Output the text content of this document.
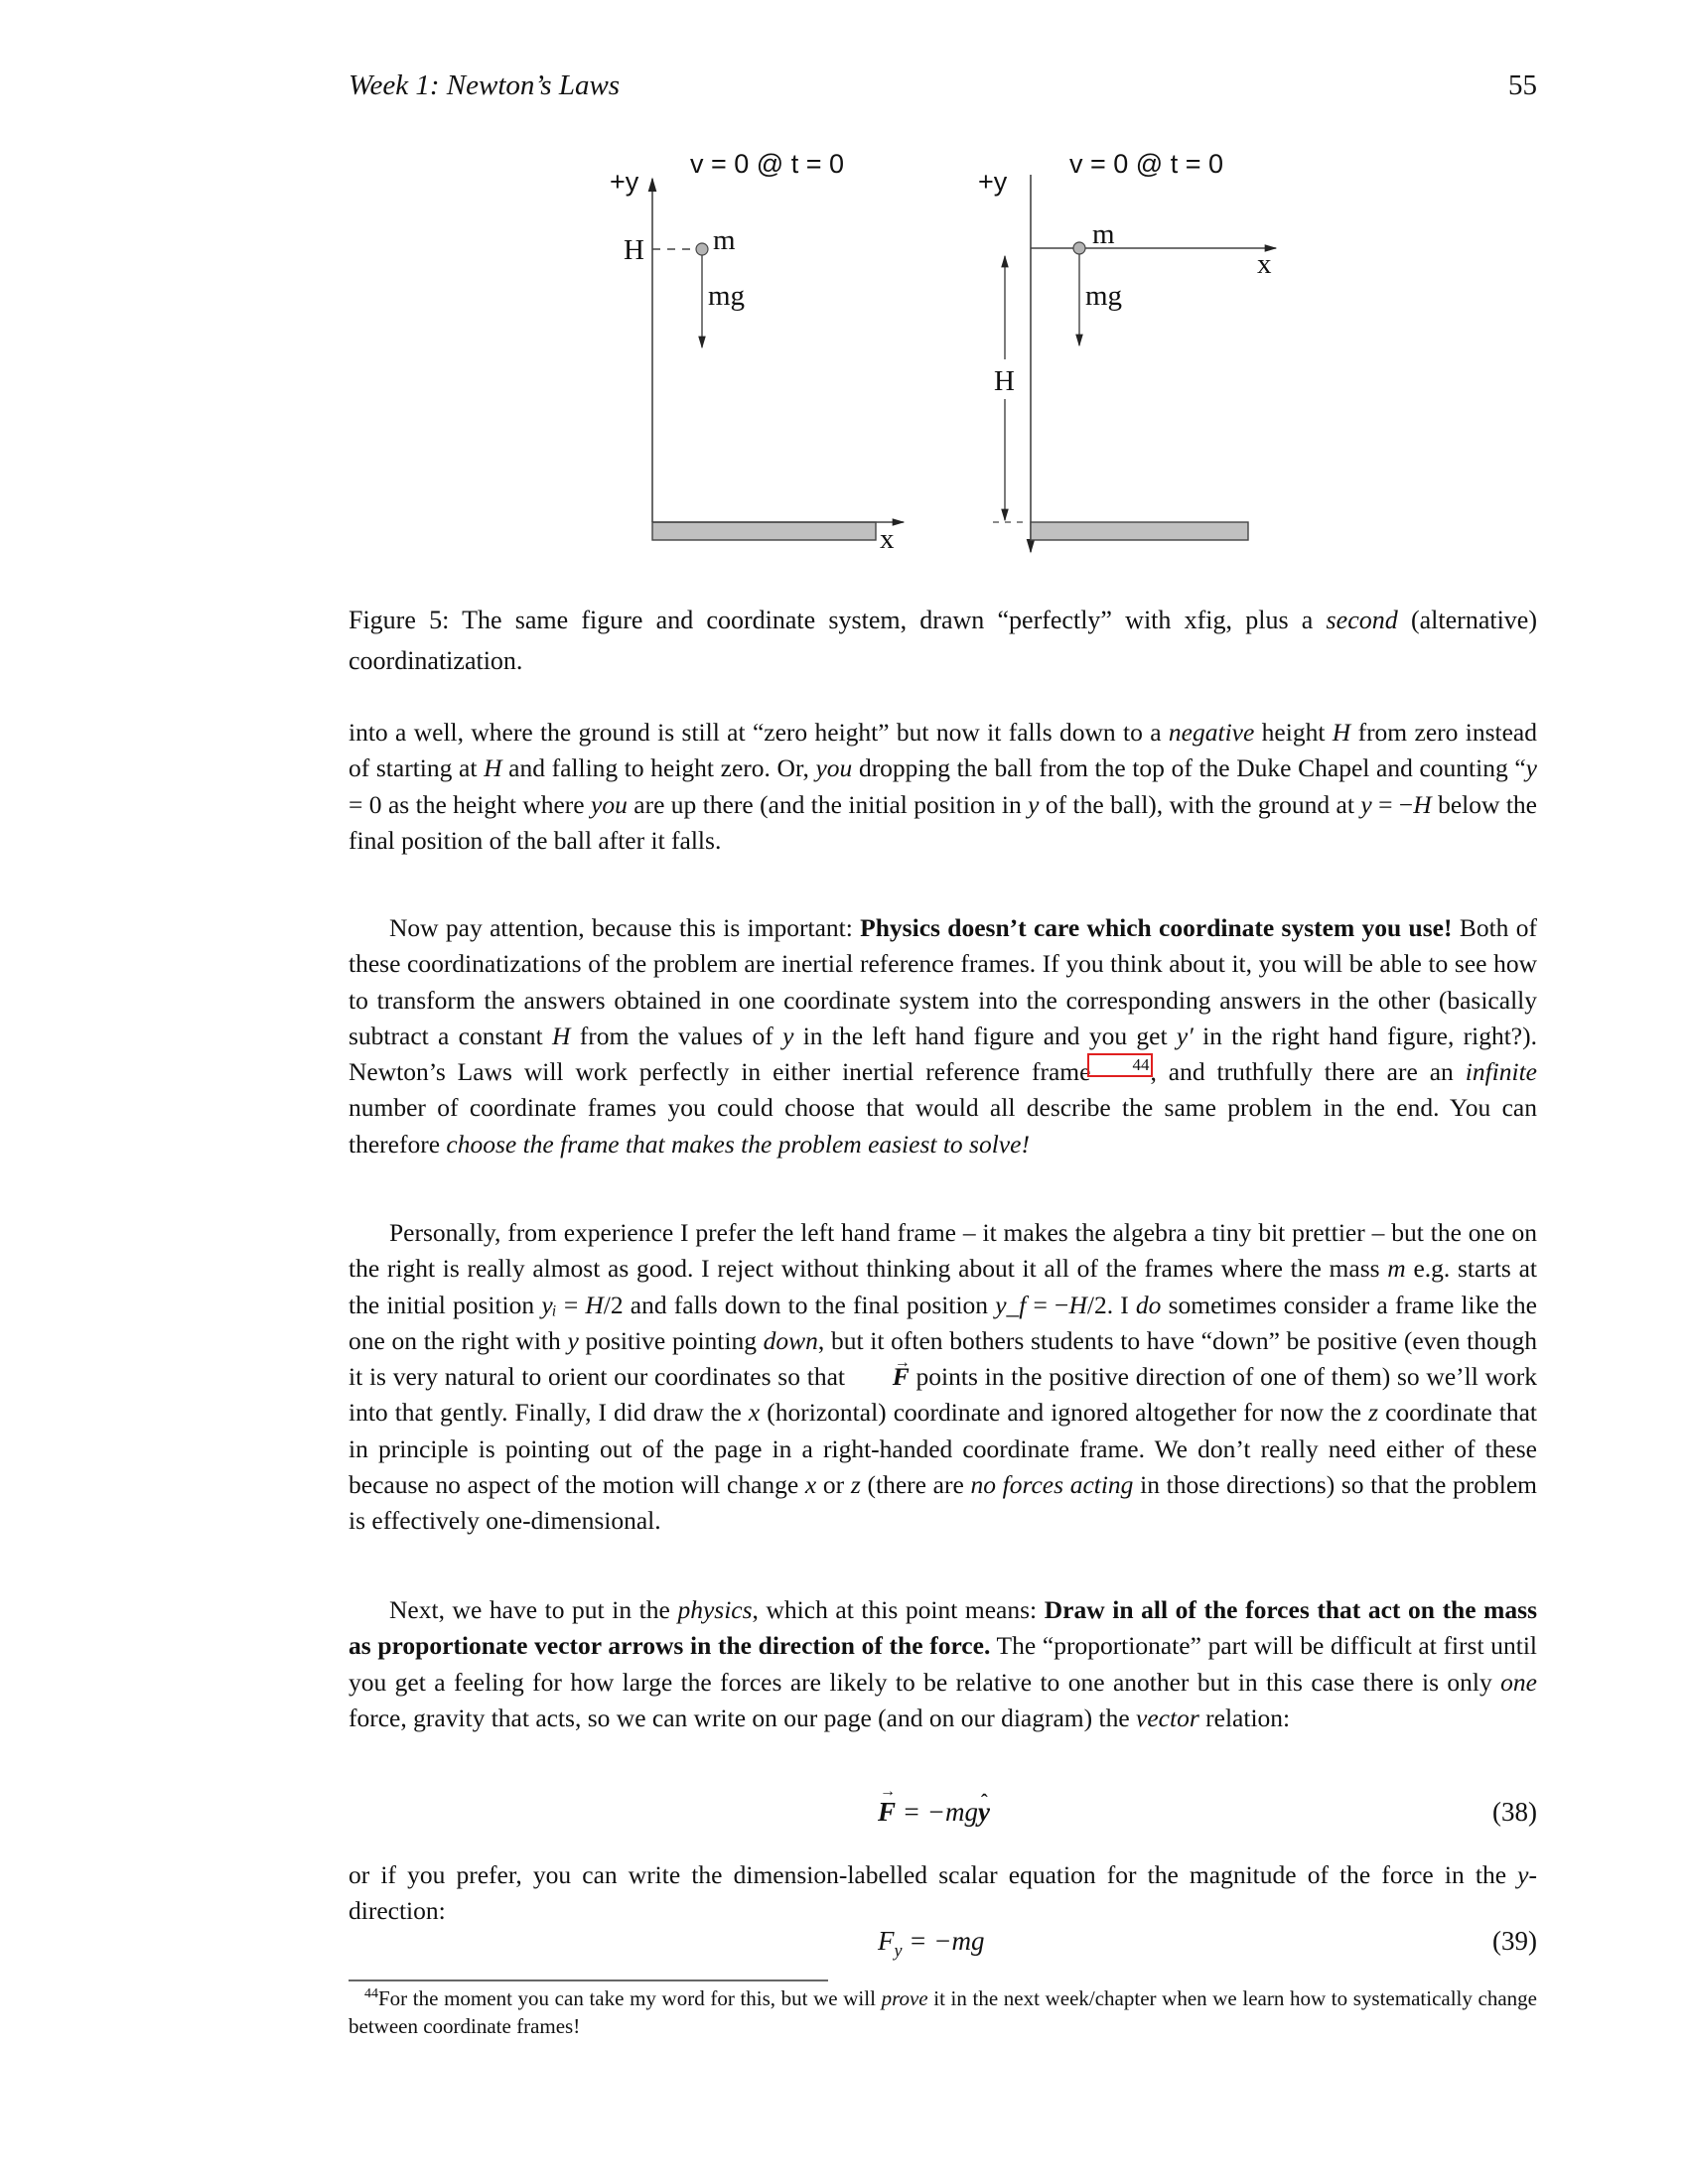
Week 1: Newton’s Laws	55
v = 0 @ t = 0
+y
H m
mg
x
v = 0 @ t = 0
+y
x
m
mg
H

Figure 5: The same figure and coordinate system, drawn “perfectly” with xfig, plus a second (alternative) coordinatization.

into a well, where the ground is still at “zero height” but now it falls down to a negative height H from zero instead of starting at H and falling to height zero. Or, you dropping the ball from the top of the Duke Chapel and counting “y = 0 as the height where you are up there (and the initial position in y of the ball), with the ground at y = −H below the final position of the ball after it falls.

Now pay attention, because this is important: Physics doesn’t care which coordinate system you use! Both of these coordinatizations of the problem are inertial reference frames. If you think about it, you will be able to see how to transform the answers obtained in one coordinate system into the corresponding answers in the other (basically subtract a constant H from the values of y in the left hand figure and you get y′ in the right hand figure, right?). Newton’s Laws will work perfectly in either inertial reference frame 44, and truthfully there are an infinite number of coordinate frames you could choose that would all describe the same problem in the end. You can therefore choose the frame that makes the problem easiest to solve!

Personally, from experience I prefer the left hand frame – it makes the algebra a tiny bit prettier – but the one on the right is really almost as good. I reject without thinking about it all of the frames where the mass m e.g. starts at the initial position yᵢ = H/2 and falls down to the final position y_f = −H/2. I do sometimes consider a frame like the one on the right with y positive pointing down, but it often bothers students to have “down” be positive (even though it is very natural to orient our coordinates so that → F points in the positive direction of one of them) so we’ll work into that gently. Finally, I did draw the x (horizontal) coordinate and ignored altogether for now the z coordinate that in principle is pointing out of the page in a right-handed coordinate frame. We don’t really need either of these because no aspect of the motion will change x or z (there are no forces acting in those directions) so that the problem is effectively one-dimensional.

Next, we have to put in the physics, which at this point means: Draw in all of the forces that act on the mass as proportionate vector arrows in the direction of the force. The “proportionate” part will be difficult at first until you get a feeling for how large the forces are likely to be relative to one another but in this case there is only one force, gravity that acts, so we can write on our page (and on our diagram) the vector relation:

→ F = −mgˆ y	(38)

or if you prefer, you can write the dimension-labelled scalar equation for the magnitude of the force in the y-direction:

$F_y = -mg$	(39)
$^{44}$For the moment you can take my word for this, but we will prove it in the next week/chapter when we learn how to systematically change between coordinate frames!
